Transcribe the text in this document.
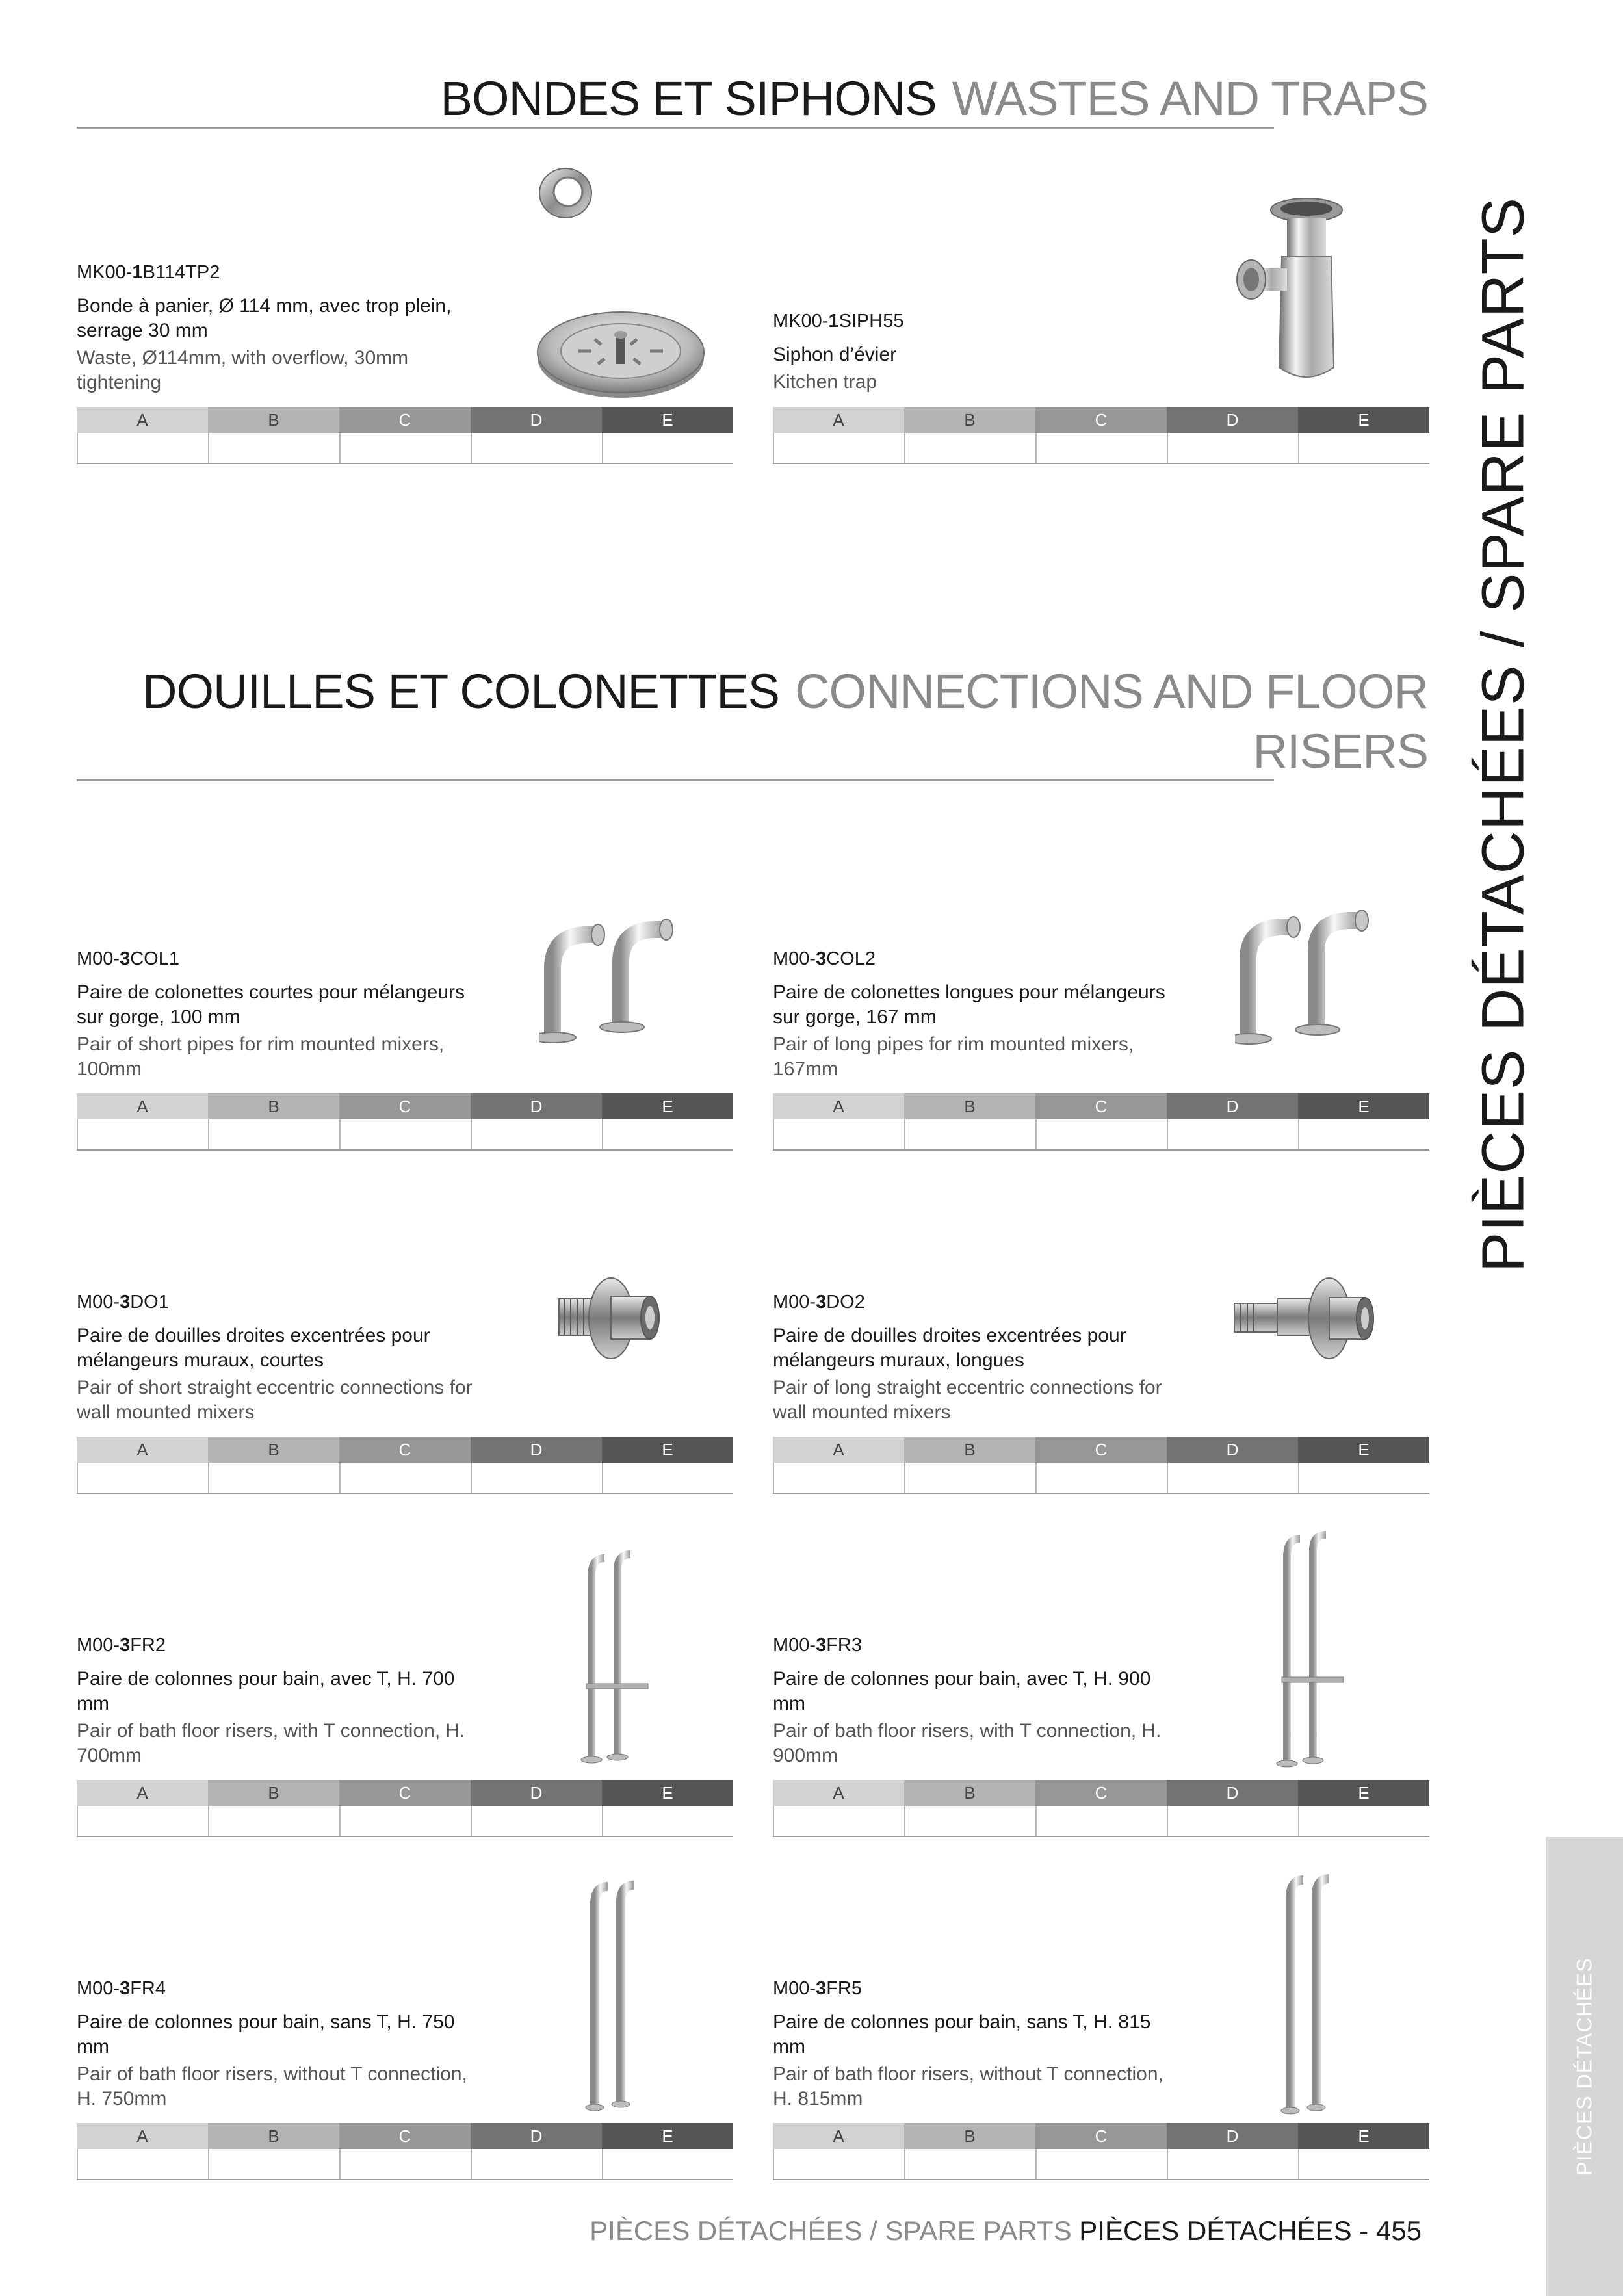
BONDES ET SIPHONS WASTES AND TRAPS
DOUILLES ET COLONETTES CONNECTIONS AND FLOOR
RISERS PIÈCES DÉTACHÉES / SPARE PARTS
MK00-1B114TP2
Bonde à panier, Ø 114 mm, avec trop plein, serrage 30 mm
Waste, Ø114mm, with overflow, 30mm tightening
MK00-1SIPH55
Siphon d’évier
Kitchen trap
M00-3COL1
Paire de colonettes courtes pour mélangeurs sur gorge, 100 mm
Pair of short pipes for rim mounted mixers, 100mm
M00-3COL2
Paire de colonettes longues pour mélangeurs sur gorge, 167 mm
Pair of long pipes for rim mounted mixers, 167mm
M00-3DO1
Paire de douilles droites excentrées pour mélangeurs muraux, courtes
Pair of short straight eccentric connections for wall mounted mixers
M00-3DO2
Paire de douilles droites excentrées pour mélangeurs muraux, longues
Pair of long straight eccentric connections for wall mounted mixers
M00-3FR2
Paire de colonnes pour bain, avec T, H. 700 mm
Pair of bath floor risers, with T connection, H. 700mm
M00-3FR3
Paire de colonnes pour bain, avec T, H. 900 mm
Pair of bath floor risers, with T connection, H. 900mm
M00-3FR4
Paire de colonnes pour bain, sans T, H. 750 mm
Pair of bath floor risers, without T connection, H. 750mm
M00-3FR5
Paire de colonnes pour bain, sans T, H. 815 mm
Pair of bath floor risers, without T connection, H. 815mm
A	B	C	D	E	A	B	C	D	E
A	B	C	D	E	A	B	C	D	E
A	B	C	D	E	A	B	C	D	E
A	B	C	D	E	A	B	C	D	E
A	B	C	D	E	A	B	C	D	E	PIÈCES DÉTACHÉES
PIÈCES DÉTACHÉES / SPARE PARTS PIÈCES DÉTACHÉES - 455
